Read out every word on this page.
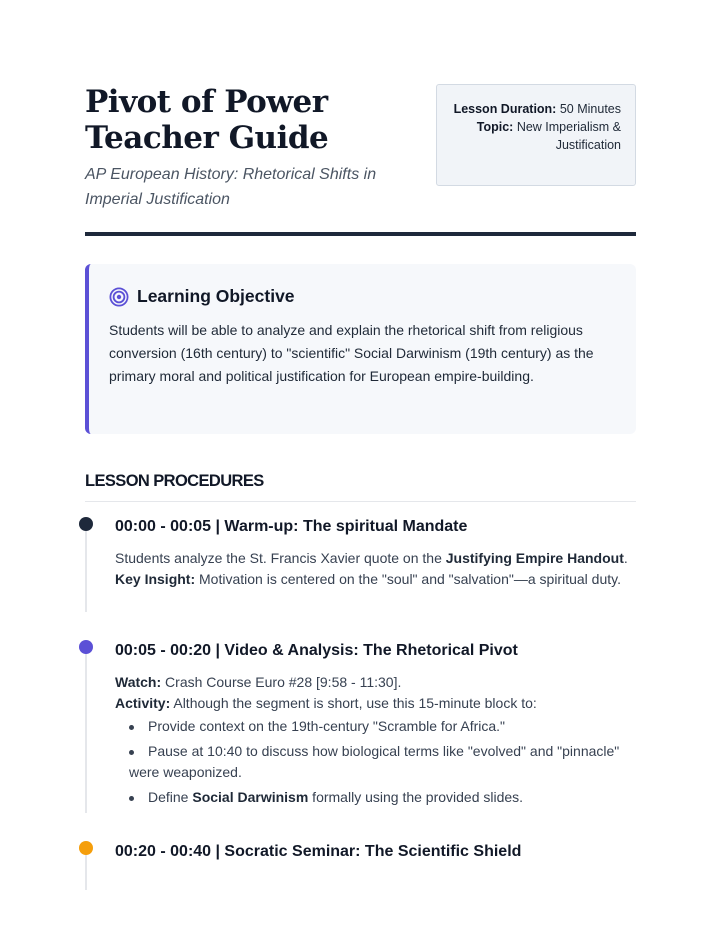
Pivot of Power Teacher Guide

AP European History: Rhetorical Shifts in Imperial Justification

Lesson Duration: 50 Minutes
Topic: New Imperialism & Justification
Learning Objective

Students will be able to analyze and explain the rhetorical shift from religious conversion (16th century) to "scientific" Social Darwinism (19th century) as the primary moral and political justification for European empire-building.

LESSON PROCEDURES
00:00 - 00:05 | Warm-up: The spiritual Mandate
Students analyze the St. Francis Xavier quote on the Justifying Empire Handout. Key Insight: Motivation is centered on the "soul" and "salvation"—a spiritual duty.
00:05 - 00:20 | Video & Analysis: The Rhetorical Pivot
Watch: Crash Course Euro #28 [9:58 - 11:30].
Activity: Although the segment is short, use this 15-minute block to:
Provide context on the 19th-century "Scramble for Africa."
Pause at 10:40 to discuss how biological terms like "evolved" and "pinnacle" were weaponized.
Define Social Darwinism formally using the provided slides.
00:20 - 00:40 | Socratic Seminar: The Scientific Shield
